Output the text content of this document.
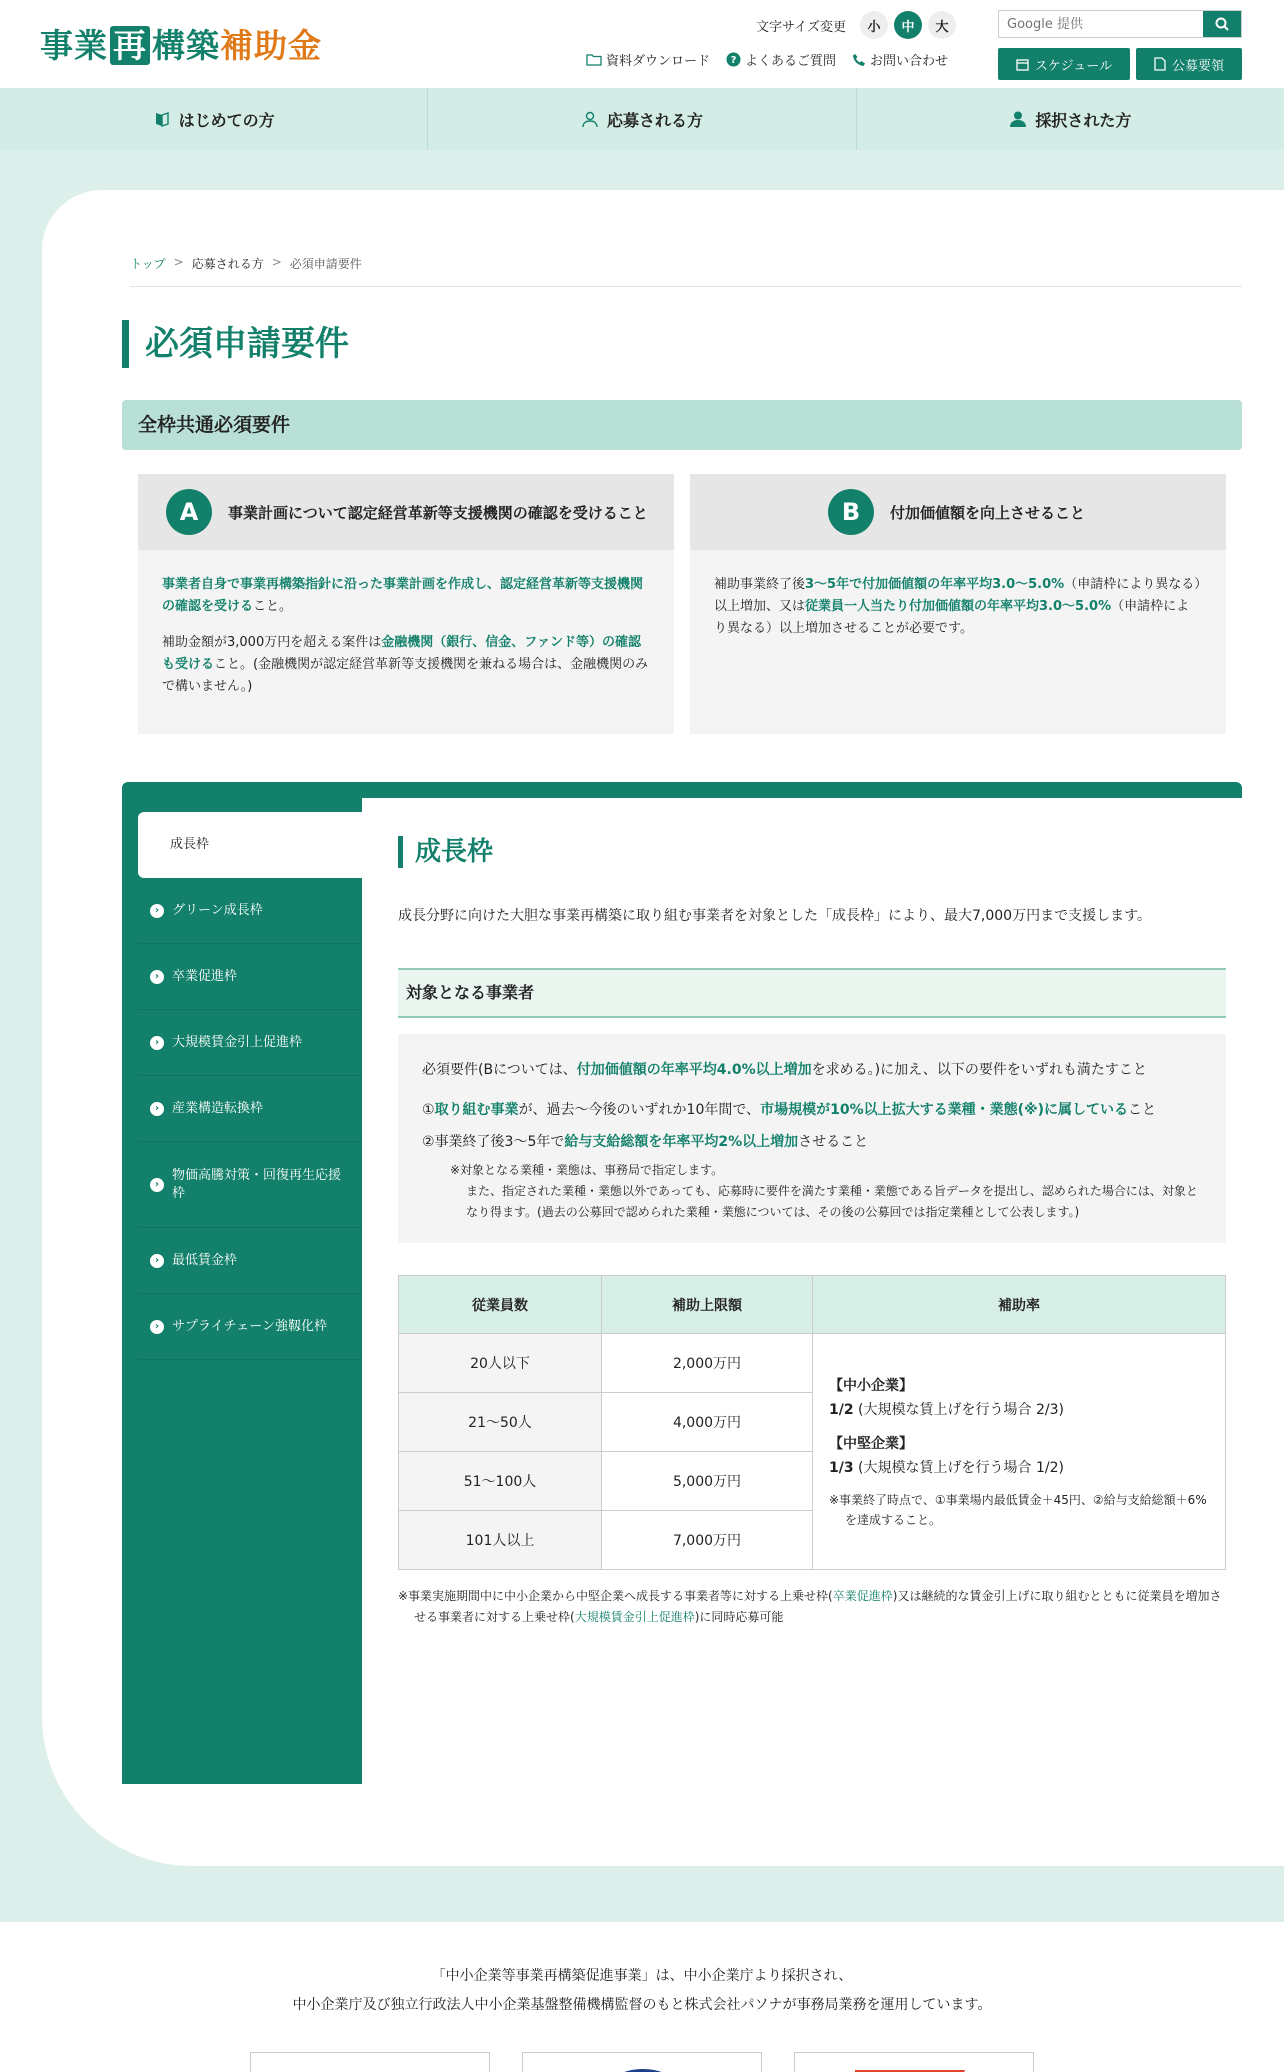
事業 再 構築補助金	文字サイズ変更	小	中	大
Google 提供
資料ダウンロード ? よくあるご質問	お問い合わせ	スケジュール	公募要領
はじめての方	応募される方	採択された方
トップ > 応募される方 > 必須申請要件
必須申請要件
全枠共通必須要件
A	事業計画について認定経営革新等支援機関の確認を受けること

事業者自身で事業再構築指針に沿った事業計画を作成し、認定経営革新等支援機関の確認を受けること。

補助金額が3,000万円を超える案件は金融機関（銀行、信金、ファンド等）の確認も受けること。(金融機関が認定経営革新等支援機関を兼ねる場合は、金融機関のみで構いません。)

B	付加価値額を向上させること

補助事業終了後3～5年で付加価値額の年率平均3.0～5.0%（申請枠により異なる）以上増加、又は従業員一人当たり付加価値額の年率平均3.0～5.0%（申請枠により異なる）以上増加させることが必要です。

成長枠
› グリーン成長枠
› 卒業促進枠
› 大規模賃金引上促進枠
› 産業構造転換枠
›
物価高騰対策・回復再生応援枠
› 最低賃金枠
› サプライチェーン強靱化枠
成長枠

成長分野に向けた大胆な事業再構築に取り組む事業者を対象とした「成長枠」により、最大7,000万円まで支援します。

対象となる事業者
必須要件(Bについては、付加価値額の年率平均4.0%以上増加を求める。)に加え、以下の要件をいずれも満たすこと
①取り組む事業が、過去～今後のいずれか10年間で、市場規模が10%以上拡大する業種・業態(※)に属していること
②事業終了後3～5年で給与支給総額を年率平均2%以上増加させること
※対象となる業種・業態は、事務局で指定します。
また、指定された業種・業態以外であっても、応募時に要件を満たす業種・業態である旨データを提出し、認められた場合には、対象となり得ます。(過去の公募回で認められた業種・業態については、その後の公募回では指定業種として公表します。)
従業員数	補助上限額	補助率
20人以下	2,000万円	【中小企業】
1/2 (大規模な賃上げを行う場合 2/3)
【中堅企業】
1/3 (大規模な賃上げを行う場合 1/2)
※事業終了時点で、①事業場内最低賃金＋45円、②給与支給総額＋6%を達成すること。

21～50人	4,000万円	
51～100人	5,000万円	
101人以上	7,000万円	
※事業実施期間中に中小企業から中堅企業へ成長する事業者等に対する上乗せ枠(卒業促進枠)又は継続的な賃金引上げに取り組むとともに従業員を増加させる事業者に対する上乗せ枠(大規模賃金引上促進枠)に同時応募可能
「中小企業等事業再構築促進事業」は、中小企業庁より採択され、
中小企業庁及び独立行政法人中小企業基盤整備機構監督のもと株式会社パソナが事務局業務を運用しています。
